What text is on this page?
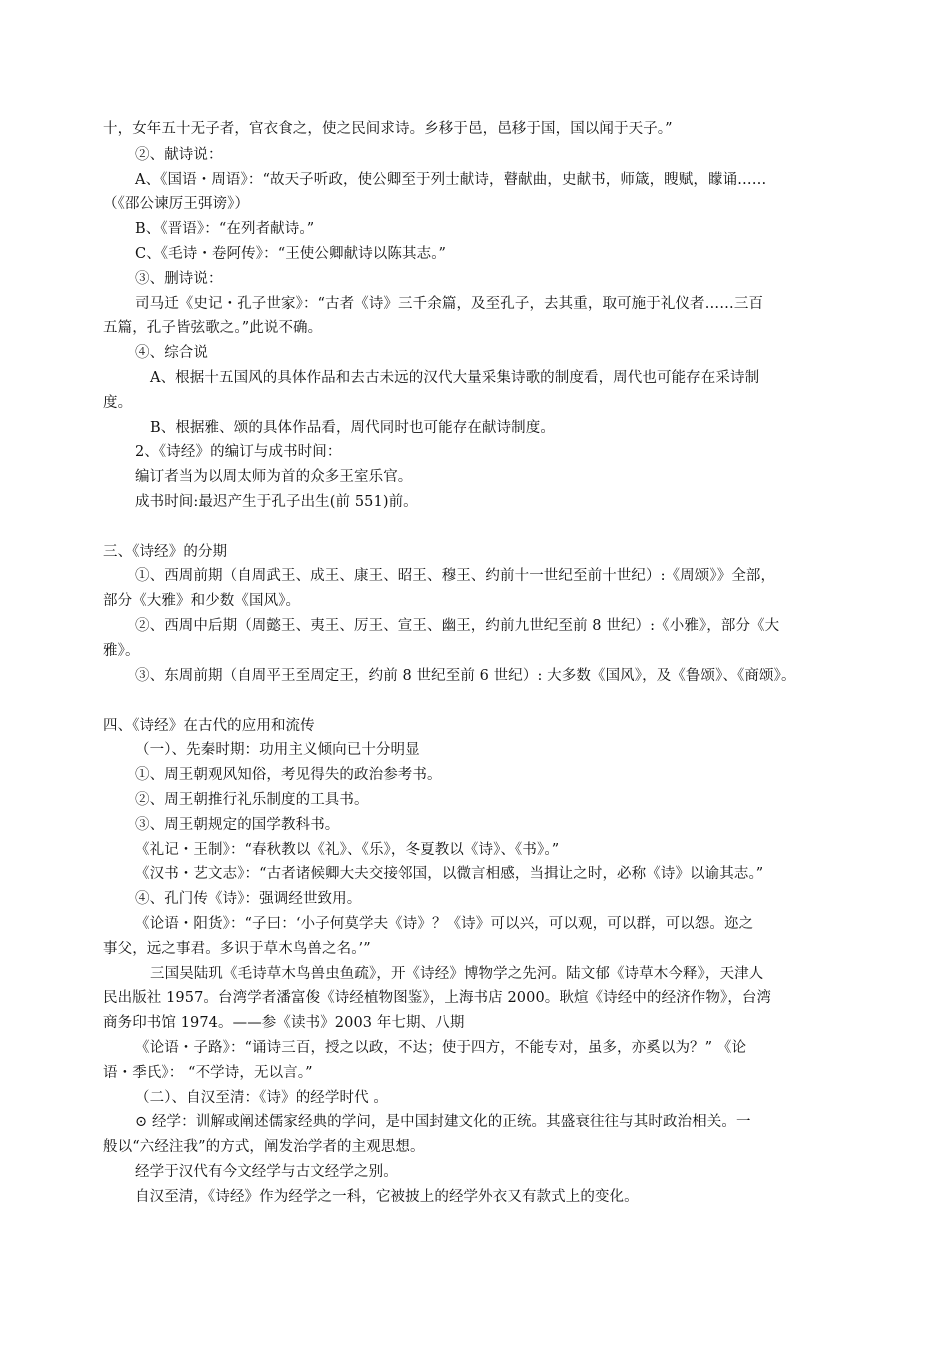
十，女年五十无子者，官衣食之，使之民间求诗。乡移于邑，邑移于国，国以闻于天子。”
②、献诗说：
A、《国语・周语》：“故天子听政，使公卿至于列士献诗，瞽献曲，史献书，师箴，瞍赋，矇诵……
（《邵公谏厉王弭谤》）
B、《晋语》：“在列者献诗。”
C、《毛诗・卷阿传》：“王使公卿献诗以陈其志。”
③、删诗说：
司马迁《史记・孔子世家》：“古者《诗》三千余篇，及至孔子，去其重，取可施于礼仪者……三百
五篇，孔子皆弦歌之。”此说不确。
④、综合说
A、根据十五国风的具体作品和去古未远的汉代大量采集诗歌的制度看，周代也可能存在采诗制
度。
B、根据雅、颂的具体作品看，周代同时也可能存在献诗制度。
2、《诗经》的编订与成书时间：
编订者当为以周太师为首的众多王室乐官。
成书时间:最迟产生于孔子出生(前 551)前。
三、《诗经》的分期
①、西周前期（自周武王、成王、康王、昭王、穆王、约前十一世纪至前十世纪）:《周颂》》全部，
部分《大雅》和少数《国风》。
②、西周中后期（周懿王、夷王、厉王、宣王、幽王，约前九世纪至前 8 世纪）:《小雅》，部分《大
雅》。
③、东周前期（自周平王至周定王，约前 8 世纪至前 6 世纪）: 大多数《国风》，及《鲁颂》、《商颂》。
四、《诗经》在古代的应用和流传
（一）、先秦时期：功用主义倾向已十分明显
①、周王朝观风知俗，考见得失的政治参考书。
②、周王朝推行礼乐制度的工具书。
③、周王朝规定的国学教科书。
《礼记・王制》：“春秋教以《礼》、《乐》，冬夏教以《诗》、《书》。”
《汉书・艺文志》：“古者诸候卿大夫交接邻国，以微言相感，当揖让之时，必称《诗》以谕其志。”
④、孔门传《诗》：强调经世致用。
《论语・阳货》：“子曰：‘小子何莫学夫《诗》？《诗》可以兴，可以观，可以群，可以怨。迩之
事父，远之事君。多识于草木鸟兽之名。’”
三国吴陆玑《毛诗草木鸟兽虫鱼疏》，开《诗经》博物学之先河。陆文郁《诗草木今释》，天津人
民出版社 1957。台湾学者潘富俊《诗经植物图鉴》，上海书店 2000。耿煊《诗经中的经济作物》，台湾
商务印书馆 1974。——参《读书》2003 年七期、八期
《论语・子路》：“诵诗三百，授之以政，不达；使于四方，不能专对，虽多，亦奚以为？” 《论
语・季氏》： “不学诗，无以言。”
（二）、自汉至清：《诗》的经学时代 。
⊙ 经学：训解或阐述儒家经典的学问，是中国封建文化的正统。其盛衰往往与其时政治相关。一
般以“六经注我”的方式，阐发治学者的主观思想。
经学于汉代有今文经学与古文经学之别。
自汉至清，《诗经》作为经学之一科，它被披上的经学外衣又有款式上的变化。
